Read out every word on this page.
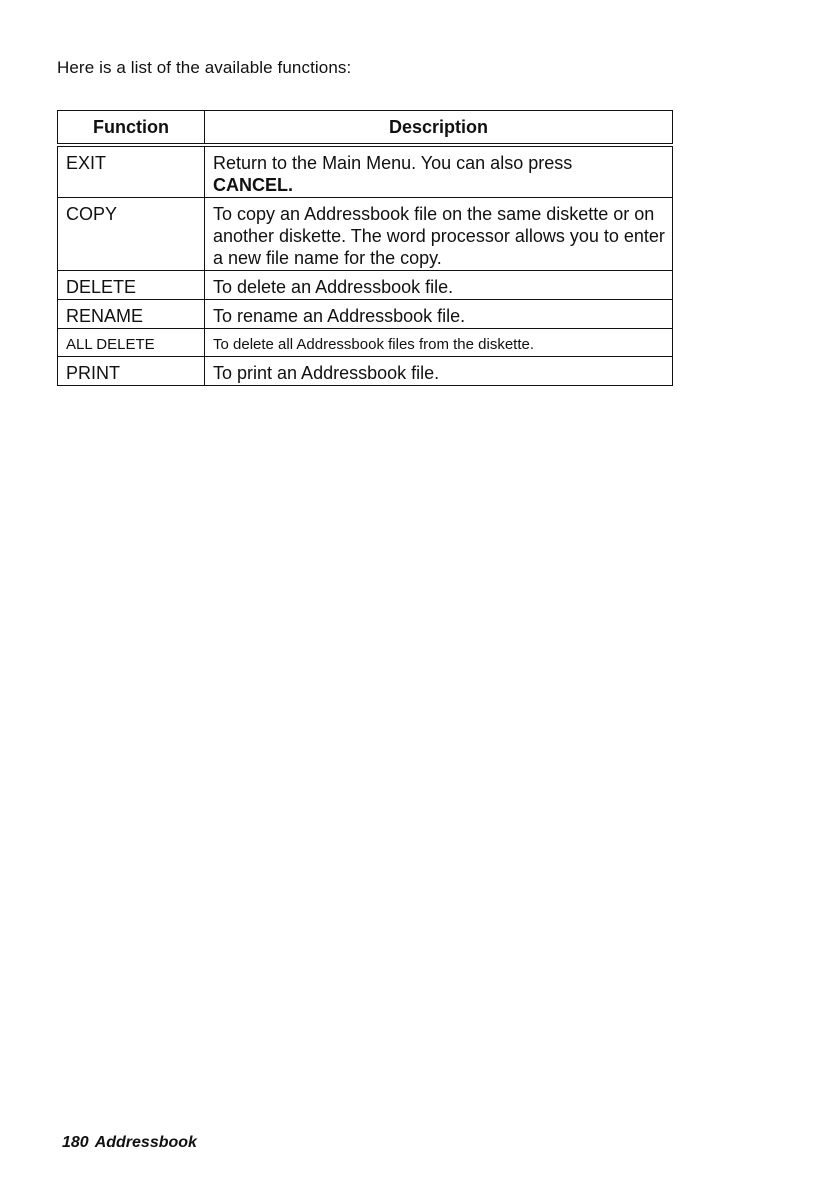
Here is a list of the available functions:
Function	Description
EXIT	Return to the Main Menu. You can also press
CANCEL.
COPY	To copy an Addressbook file on the same diskette or on another diskette. The word processor allows you to enter a new file name for the copy.
DELETE	To delete an Addressbook file.
RENAME	To rename an Addressbook file.
ALL DELETE	To delete all Addressbook files from the diskette.
PRINT	To print an Addressbook file.
180 Addressbook
